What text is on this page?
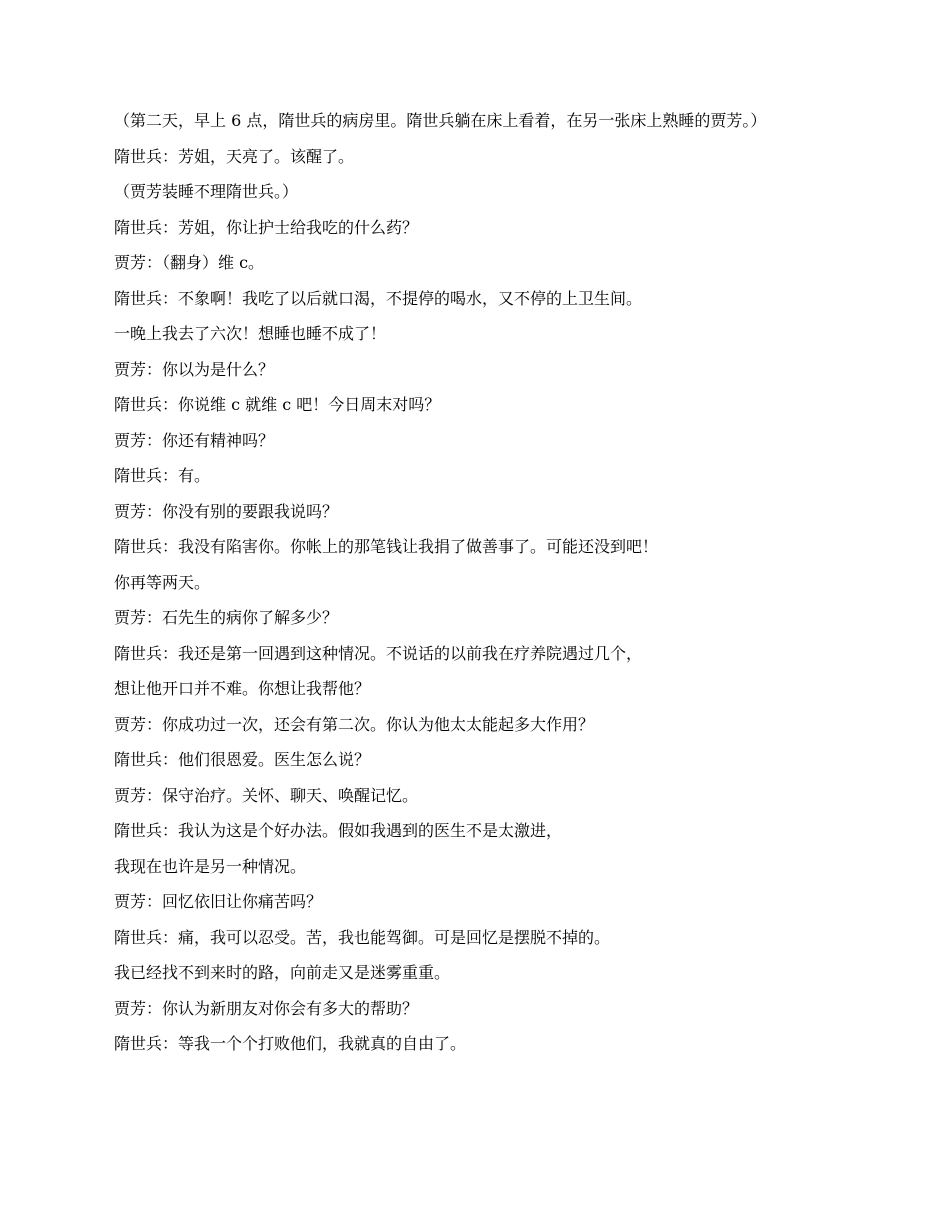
（第二天，早上 6 点，隋世兵的病房里。隋世兵躺在床上看着，在另一张床上熟睡的贾芳。）

隋世兵：芳姐，天亮了。该醒了。

（贾芳装睡不理隋世兵。）

隋世兵：芳姐，你让护士给我吃的什么药？

贾芳：（翻身）维 c。

隋世兵：不象啊！我吃了以后就口渴，不提停的喝水，又不停的上卫生间。

一晚上我去了六次！想睡也睡不成了！

贾芳：你以为是什么？

隋世兵：你说维 c 就维 c 吧！今日周末对吗？

贾芳：你还有精神吗？

隋世兵：有。

贾芳：你没有别的要跟我说吗？

隋世兵：我没有陷害你。你帐上的那笔钱让我捐了做善事了。可能还没到吧！

你再等两天。

贾芳：石先生的病你了解多少？

隋世兵：我还是第一回遇到这种情况。不说话的以前我在疗养院遇过几个，

想让他开口并不难。你想让我帮他？

贾芳：你成功过一次，还会有第二次。你认为他太太能起多大作用？

隋世兵：他们很恩爱。医生怎么说？

贾芳：保守治疗。关怀、聊天、唤醒记忆。

隋世兵：我认为这是个好办法。假如我遇到的医生不是太激进，

我现在也许是另一种情况。

贾芳：回忆依旧让你痛苦吗？

隋世兵：痛，我可以忍受。苦，我也能驾御。可是回忆是摆脱不掉的。

我已经找不到来时的路，向前走又是迷雾重重。

贾芳：你认为新朋友对你会有多大的帮助？

隋世兵：等我一个个打败他们，我就真的自由了。
